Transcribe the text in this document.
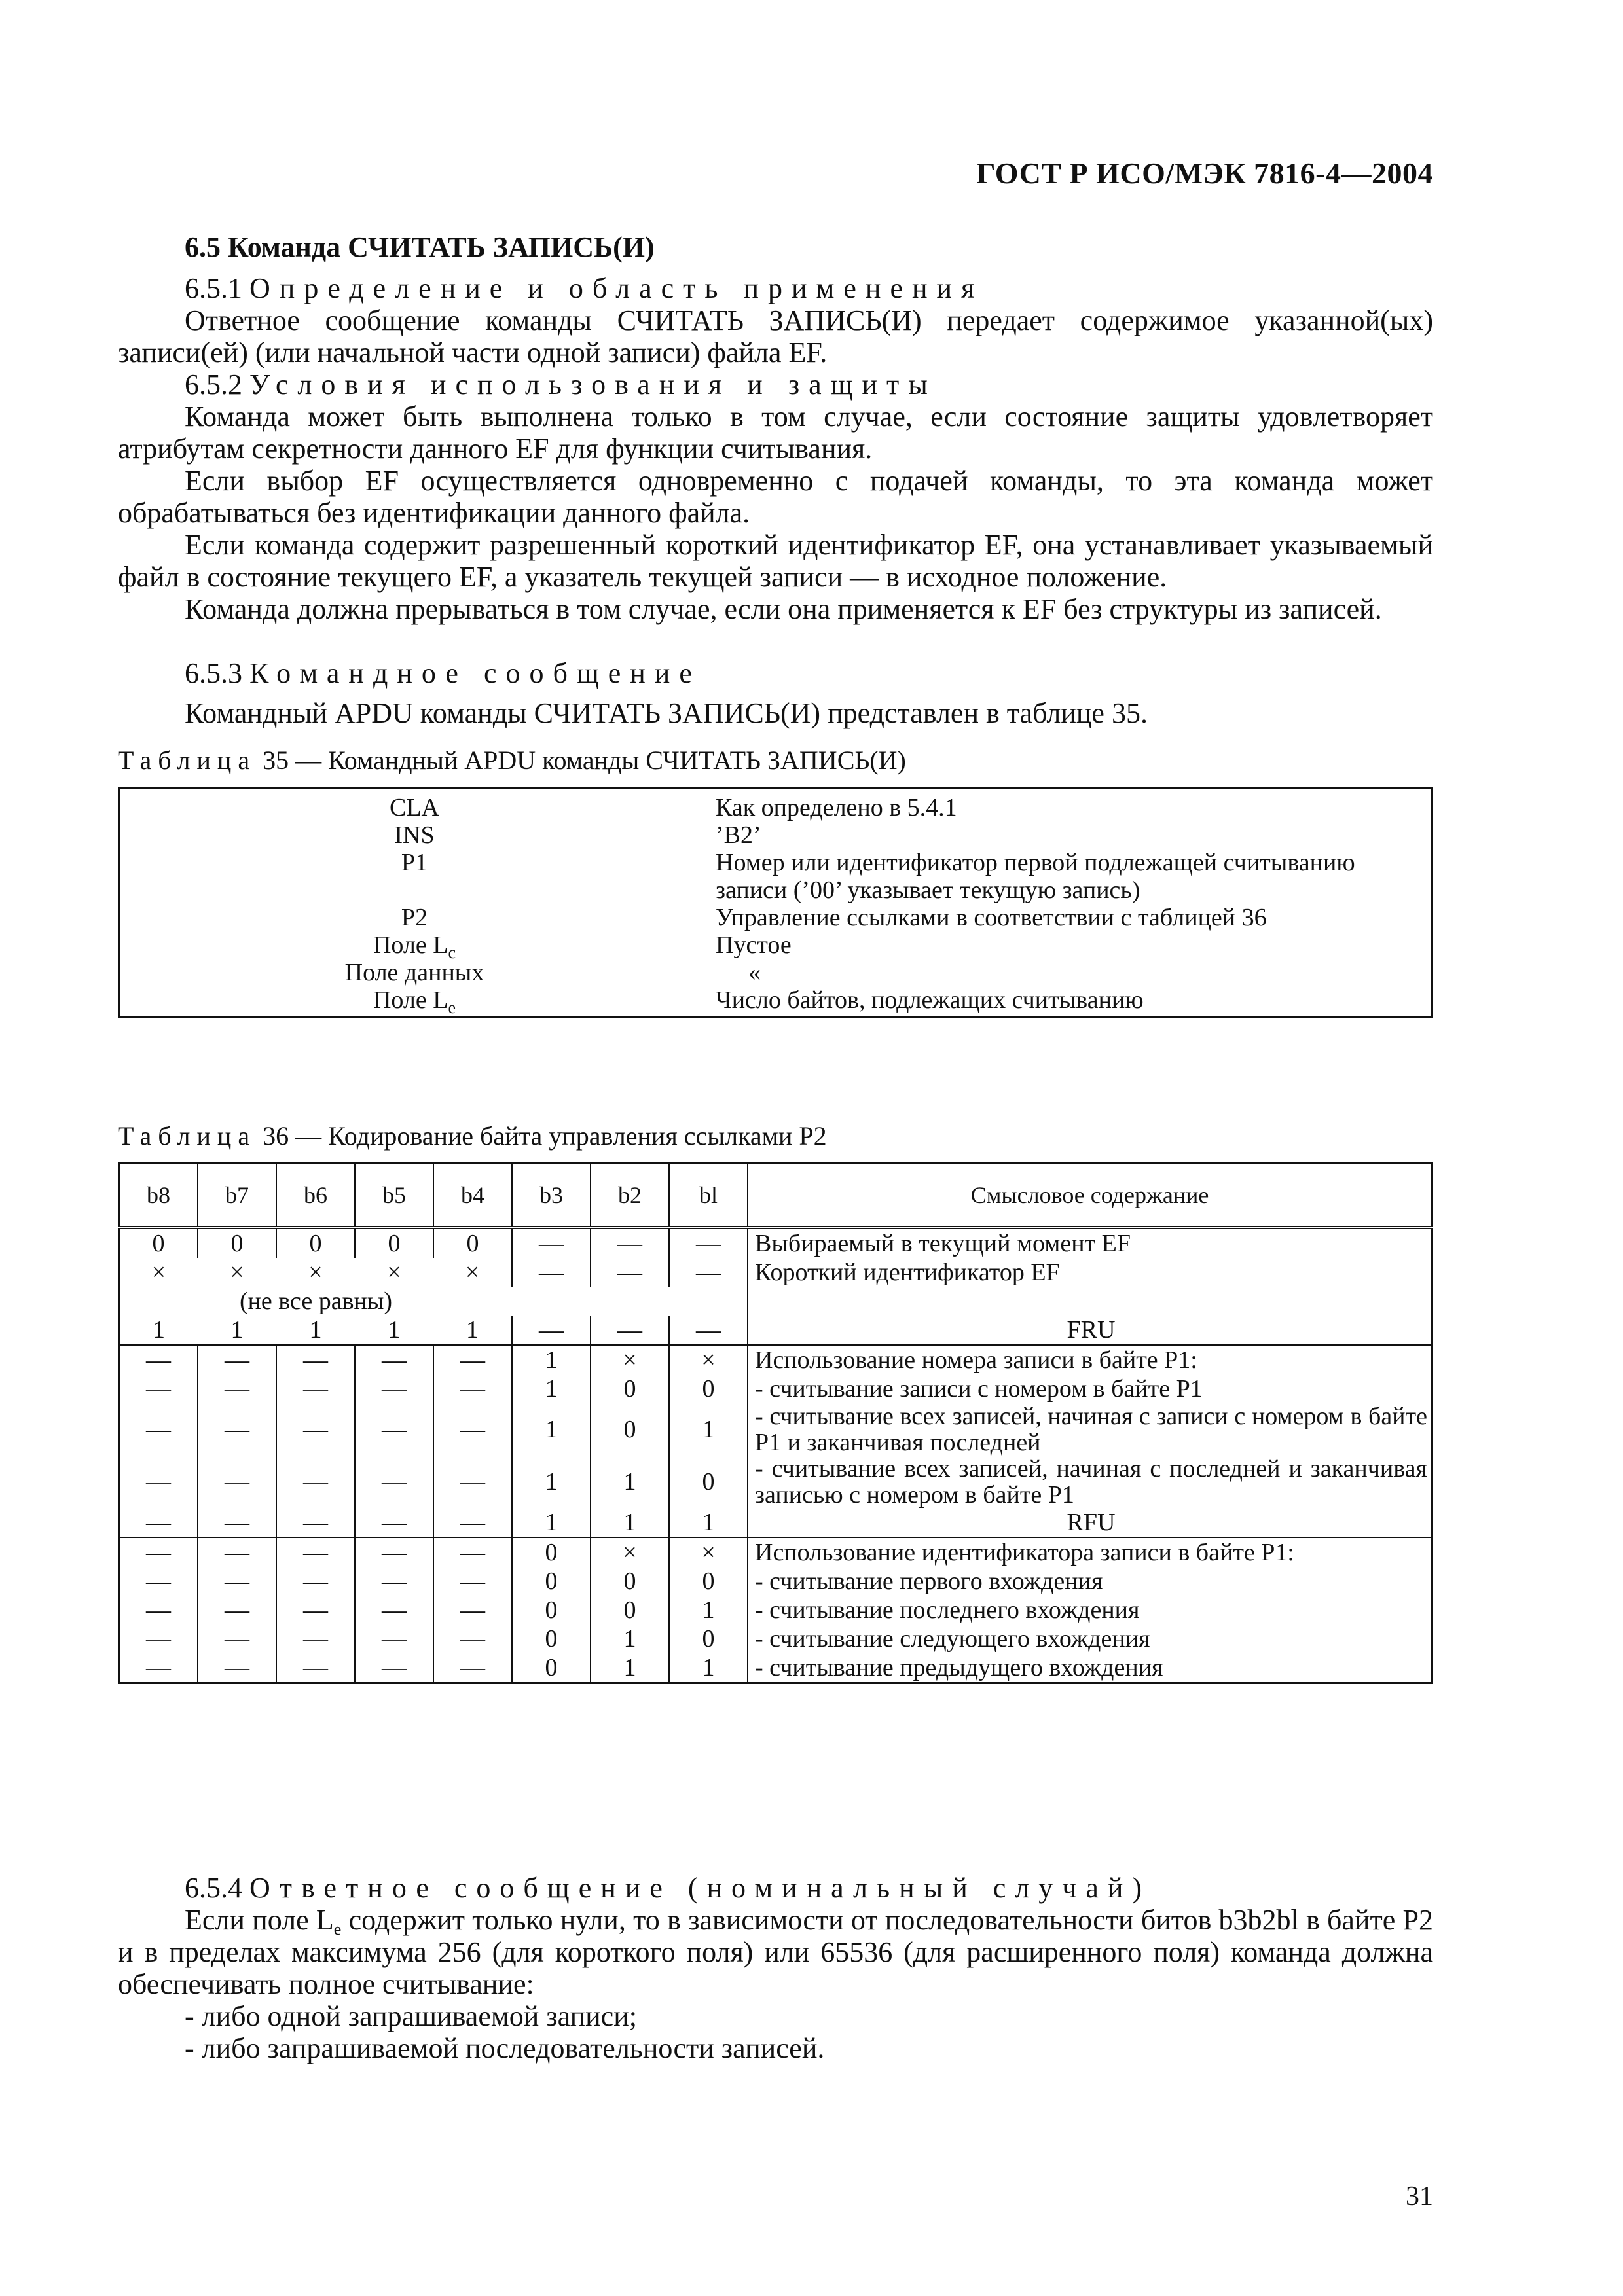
ГОСТ Р ИСО/МЭК 7816-4—2004
6.5 Команда СЧИТАТЬ ЗАПИСЬ(И)
6.5.1 Определение и область применения
Ответное сообщение команды СЧИТАТЬ ЗАПИСЬ(И) передает содержимое указанной(ых) записи(ей) (или начальной части одной записи) файла EF.
6.5.2 Условия использования и защиты
Команда может быть выполнена только в том случае, если состояние защиты удовлетворяет атрибутам секретности данного EF для функции считывания.
Если выбор EF осуществляется одновременно с подачей команды, то эта команда может обрабатываться без идентификации данного файла.
Если команда содержит разрешенный короткий идентификатор EF, она устанавливает указываемый файл в состояние текущего EF, а указатель текущей записи — в исходное положение.
Команда должна прерываться в том случае, если она применяется к EF без структуры из записей.
6.5.3 Командное сообщение
Командный APDU команды СЧИТАТЬ ЗАПИСЬ(И) представлен в таблице 35.
Таблица 35 — Командный APDU команды СЧИТАТЬ ЗАПИСЬ(И)
CLA	Как определено в 5.4.1
INS	’B2’
P1	Номер или идентификатор первой подлежащей считыванию записи (’00’ указывает текущую запись)
P2	Управление ссылками в соответствии с таблицей 36
Поле $L_c$	Пустое
Поле данных	«
Поле $L_e$	Число байтов, подлежащих считыванию
Таблица 36 — Кодирование байта управления ссылками P2
b8	b7	b6	b5	b4	b3	b2	bl	Смысловое содержание
0	0	0	0	0	—	—	—	Выбираемый в текущий момент EF
×	×	×	×	×	—	—	—	Короткий идентификатор EF
(не все равны)								
1	1	1	1	1	—	—	—	FRU
—	—	—	—	—	1	×	×	Использование номера записи в байте P1:
—	—	—	—	—	1	0	0	- считывание записи с номером в байте P1
—	—	—	—	—	1	0	1	- считывание всех записей, начиная с записи с номером в байте P1 и заканчивая последней
—	—	—	—	—	1	1	0	- считывание всех записей, начиная с последней и заканчивая записью с номером в байте P1
—	—	—	—	—	1	1	1	RFU
—	—	—	—	—	0	×	×	Использование идентификатора записи в байте P1:
—	—	—	—	—	0	0	0	- считывание первого вхождения
—	—	—	—	—	0	0	1	- считывание последнего вхождения
—	—	—	—	—	0	1	0	- считывание следующего вхождения
—	—	—	—	—	0	1	1	- считывание предыдущего вхождения
6.5.4 Ответное сообщение (номинальный случай)
Если поле $L_e$ содержит только нули, то в зависимости от последовательности битов b3b2bl в байте P2 и в пределах максимума 256 (для короткого поля) или 65536 (для расширенного поля) команда должна обеспечивать полное считывание:
- либо одной запрашиваемой записи;
- либо запрашиваемой последовательности записей.
31
